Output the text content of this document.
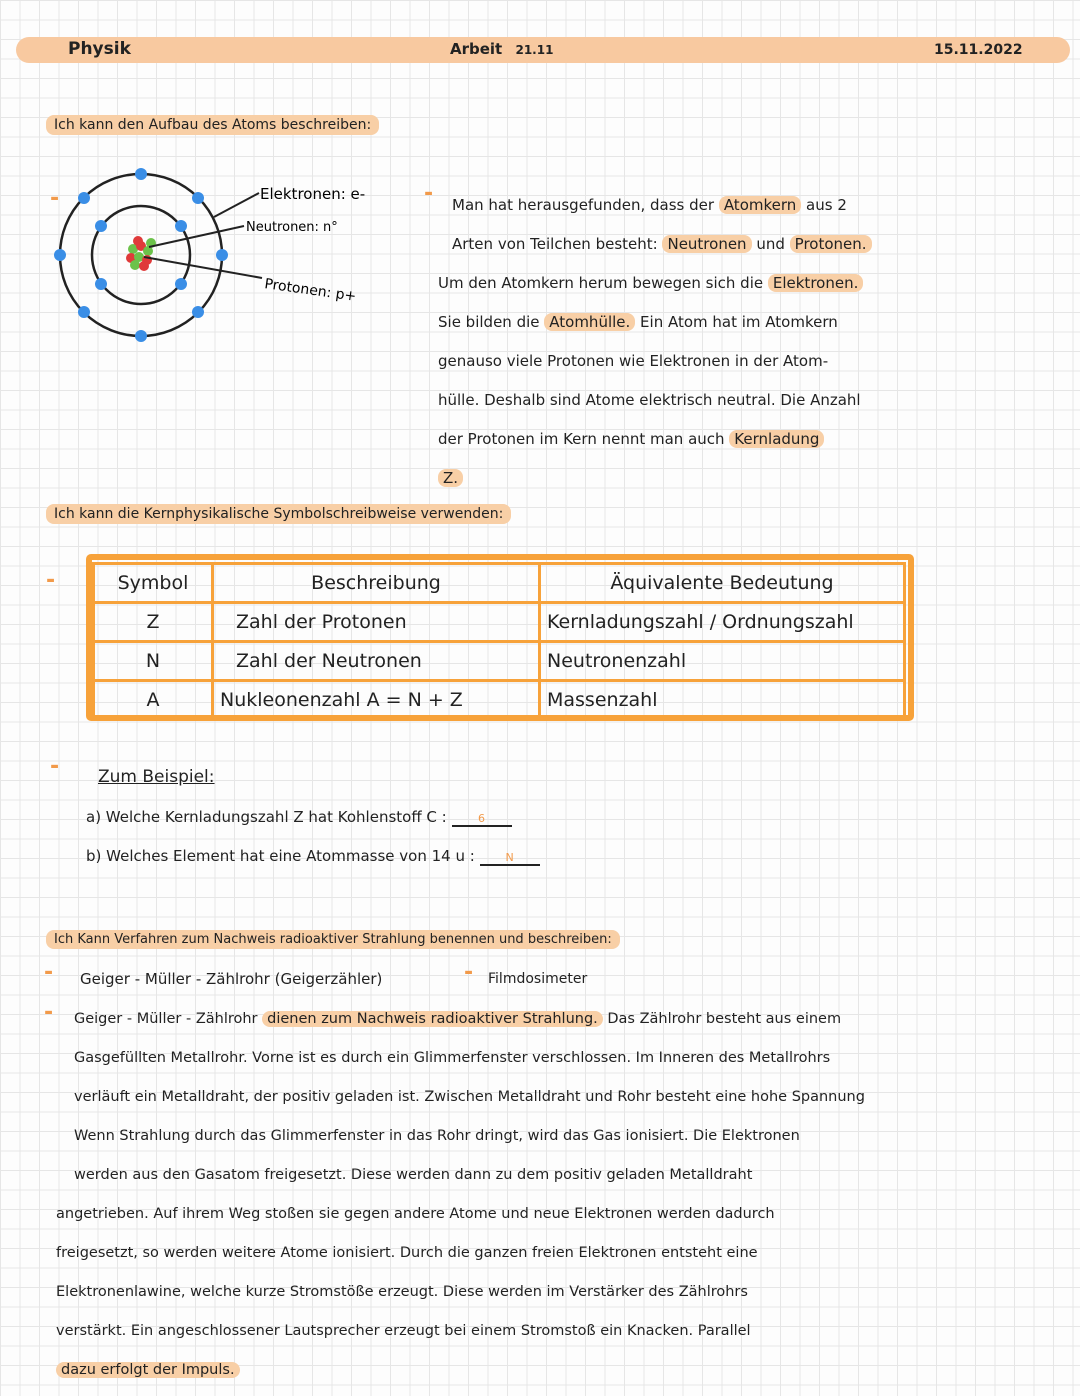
Physik	Arbeit 21.11	15.11.2022
Ich kann den Aufbau des Atoms beschreiben:
-	Elektronen: e-
Neutronen: n°
Protonen: p+
-	Man hat herausgefunden, dass der Atomkern aus 2
Arten von Teilchen besteht: Neutronen und Protonen.
Um den Atomkern herum bewegen sich die Elektronen.
Sie bilden die Atomhülle. Ein Atom hat im Atomkern
genauso viele Protonen wie Elektronen in der Atom-
hülle. Deshalb sind Atome elektrisch neutral. Die Anzahl
der Protonen im Kern nennt man auch Kernladung
Z.
Ich kann die Kernphysikalische Symbolschreibweise verwenden:
-	Symbol	Beschreibung	Äquivalente Bedeutung
Z	Zahl der Protonen	Kernladungszahl / Ordnungszahl
N	Zahl der Neutronen	Neutronenzahl
A	Nukleonenzahl A = N + Z	Massenzahl
- Zum Beispiel:
a) Welche Kernladungszahl Z hat Kohlenstoff C :	6
b) Welches Element hat eine Atommasse von 14 u :	N
Ich Kann Verfahren zum Nachweis radioaktiver Strahlung benennen und beschreiben:
- Geiger - Müller - Zählrohr (Geigerzähler)	- Filmdosimeter
-	Geiger - Müller - Zählrohr dienen zum Nachweis radioaktiver Strahlung. Das Zählrohr besteht aus einem
Gasgefüllten Metallrohr. Vorne ist es durch ein Glimmerfenster verschlossen. Im Inneren des Metallrohrs
verläuft ein Metalldraht, der positiv geladen ist. Zwischen Metalldraht und Rohr besteht eine hohe Spannung
Wenn Strahlung durch das Glimmerfenster in das Rohr dringt, wird das Gas ionisiert. Die Elektronen
werden aus den Gasatom freigesetzt. Diese werden dann zu dem positiv geladen Metalldraht
angetrieben. Auf ihrem Weg stoßen sie gegen andere Atome und neue Elektronen werden dadurch
freigesetzt, so werden weitere Atome ionisiert. Durch die ganzen freien Elektronen entsteht eine
Elektronenlawine, welche kurze Stromstöße erzeugt. Diese werden im Verstärker des Zählrohrs
verstärkt. Ein angeschlossener Lautsprecher erzeugt bei einem Stromstoß ein Knacken. Parallel
dazu erfolgt der Impuls.
